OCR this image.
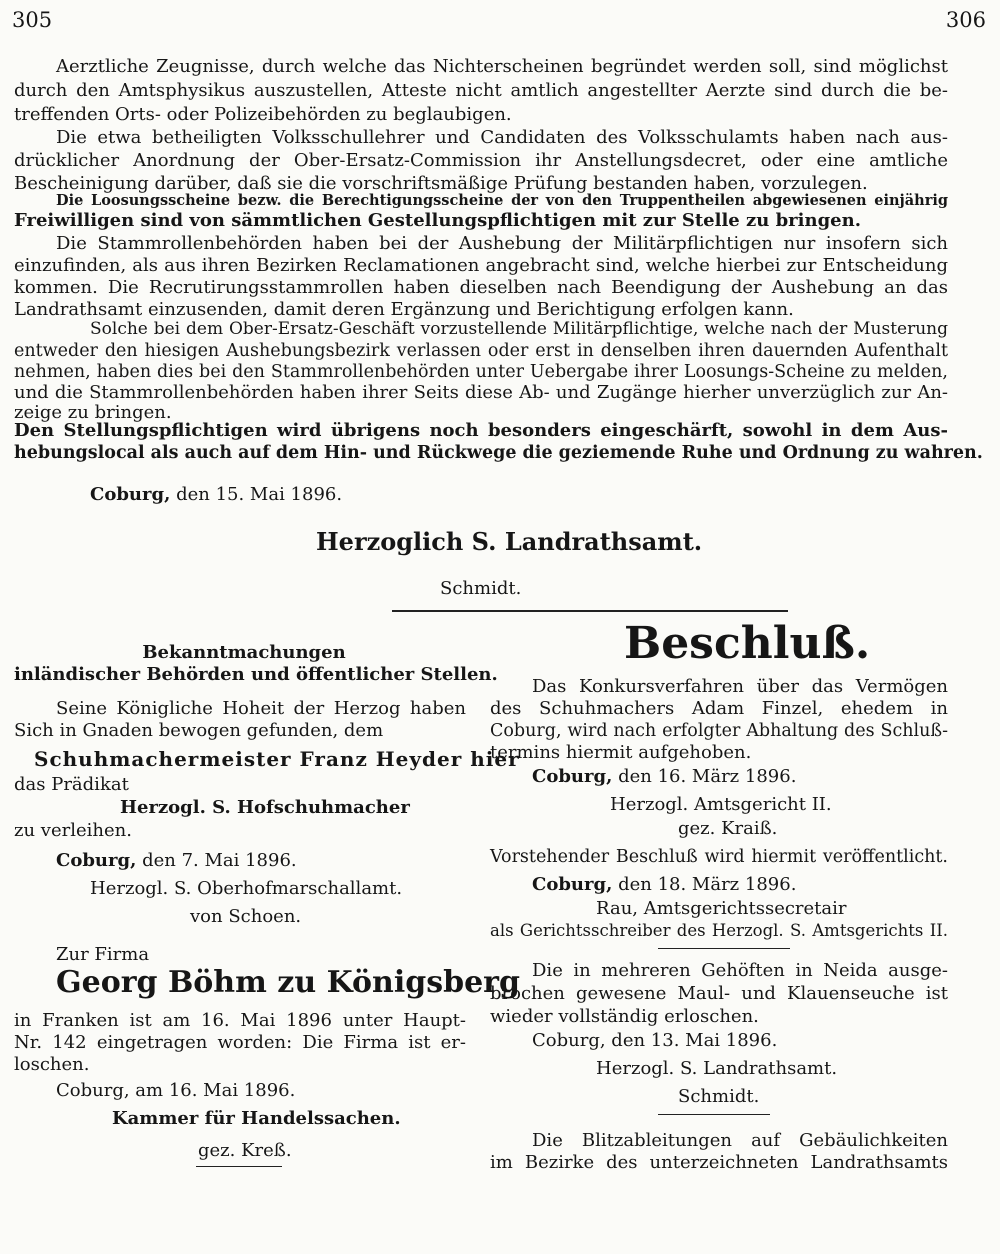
305	306
Aerztliche Zeugnisse, durch welche das Nichterscheinen begründet werden soll, sind möglichst
durch den Amtsphysikus auszustellen, Atteste nicht amtlich angestellter Aerzte sind durch die be-
treffenden Orts- oder Polizeibehörden zu beglaubigen.
Die etwa betheiligten Volksschullehrer und Candidaten des Volksschulamts haben nach aus-
drücklicher Anordnung der Ober-Ersatz-Commission ihr Anstellungsdecret, oder eine amtliche
Bescheinigung darüber, daß sie die vorschriftsmäßige Prüfung bestanden haben, vorzulegen.
Die Loosungsscheine bezw. die Berechtigungsscheine der von den Truppentheilen abgewiesenen einjährig
Freiwilligen sind von sämmtlichen Gestellungspflichtigen mit zur Stelle zu bringen.
Die Stammrollenbehörden haben bei der Aushebung der Militärpflichtigen nur insofern sich
einzufinden, als aus ihren Bezirken Reclamationen angebracht sind, welche hierbei zur Entscheidung
kommen. Die Recrutirungsstammrollen haben dieselben nach Beendigung der Aushebung an das
Landrathsamt einzusenden, damit deren Ergänzung und Berichtigung erfolgen kann.
Solche bei dem Ober-Ersatz-Geschäft vorzustellende Militärpflichtige, welche nach der Musterung
entweder den hiesigen Aushebungsbezirk verlassen oder erst in denselben ihren dauernden Aufenthalt
nehmen, haben dies bei den Stammrollenbehörden unter Uebergabe ihrer Loosungs-Scheine zu melden,
und die Stammrollenbehörden haben ihrer Seits diese Ab- und Zugänge hierher unverzüglich zur An-
zeige zu bringen.
Den Stellungspflichtigen wird übrigens noch besonders eingeschärft, sowohl in dem Aus-
hebungslocal als auch auf dem Hin- und Rückwege die geziemende Ruhe und Ordnung zu wahren.
Coburg, den 15. Mai 1896.
Herzoglich S. Landrathsamt.
Schmidt.
Bekanntmachungen
inländischer Behörden und öffentlicher Stellen.
Seine Königliche Hoheit der Herzog haben
Sich in Gnaden bewogen gefunden, dem
Schuhmachermeister Franz Heyder hier
das Prädikat
Herzogl. S. Hofschuhmacher
zu verleihen.
Coburg, den 7. Mai 1896.
Herzogl. S. Oberhofmarschallamt.
von Schoen.
Zur Firma
Georg Böhm zu Königsberg
in Franken ist am 16. Mai 1896 unter Haupt-
Nr. 142 eingetragen worden: Die Firma ist er-
loschen.
Coburg, am 16. Mai 1896.
Kammer für Handelssachen.
gez. Kreß.
Beschluß.
Das Konkursverfahren über das Vermögen
des Schuhmachers Adam Finzel, ehedem in
Coburg, wird nach erfolgter Abhaltung des Schluß-
termins hiermit aufgehoben.
Coburg, den 16. März 1896.
Herzogl. Amtsgericht II.
gez. Kraiß.
Vorstehender Beschluß wird hiermit veröffentlicht.
Coburg, den 18. März 1896.
Rau, Amtsgerichtssecretair
als Gerichtsschreiber des Herzogl. S. Amtsgerichts II.
Die in mehreren Gehöften in Neida ausge-
brochen gewesene Maul- und Klauenseuche ist
wieder vollständig erloschen.
Coburg, den 13. Mai 1896.
Herzogl. S. Landrathsamt.
Schmidt.
Die Blitzableitungen auf Gebäulichkeiten
im Bezirke des unterzeichneten Landrathsamts
